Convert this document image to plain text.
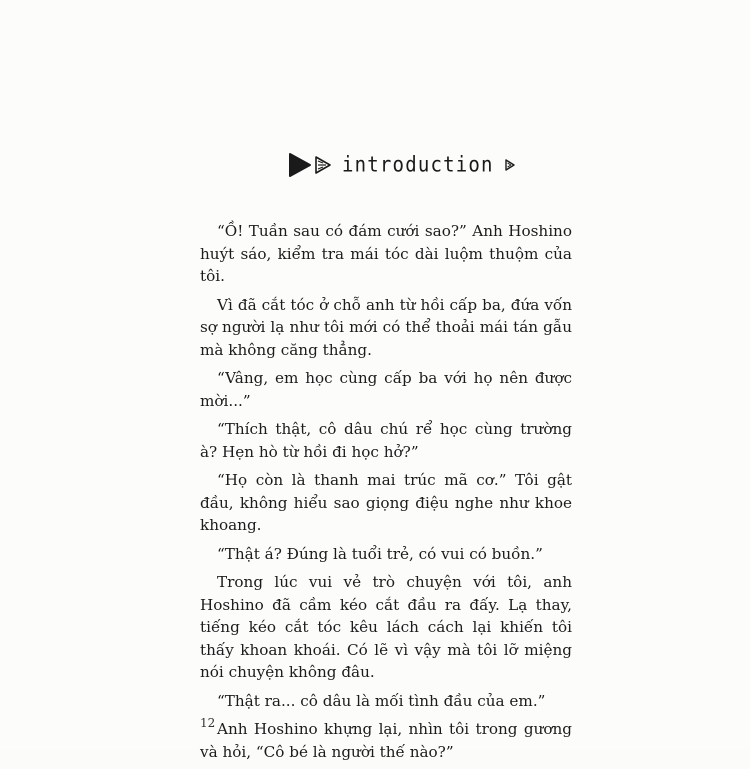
introduction

“Ồ! Tuần sau có đám cưới sao?” Anh Hoshino huýt sáo, kiểm tra mái tóc dài luộm thuộm của tôi.

Vì đã cắt tóc ở chỗ anh từ hồi cấp ba, đứa vốn sợ người lạ như tôi mới có thể thoải mái tán gẫu mà không căng thẳng.

“Vâng, em học cùng cấp ba với họ nên được mời...”

“Thích thật, cô dâu chú rể học cùng trường à? Hẹn hò từ hồi đi học hở?”

“Họ còn là thanh mai trúc mã cơ.” Tôi gật đầu, không hiểu sao giọng điệu nghe như khoe khoang.

“Thật á? Đúng là tuổi trẻ, có vui có buồn.”

Trong lúc vui vẻ trò chuyện với tôi, anh Hoshino đã cầm kéo cắt đầu ra đấy. Lạ thay, tiếng kéo cắt tóc kêu lách cách lại khiến tôi thấy khoan khoái. Có lẽ vì vậy mà tôi lỡ miệng nói chuyện không đâu.

“Thật ra... cô dâu là mối tình đầu của em.”

Anh Hoshino khựng lại, nhìn tôi trong gương và hỏi, “Cô bé là người thế nào?”

12
